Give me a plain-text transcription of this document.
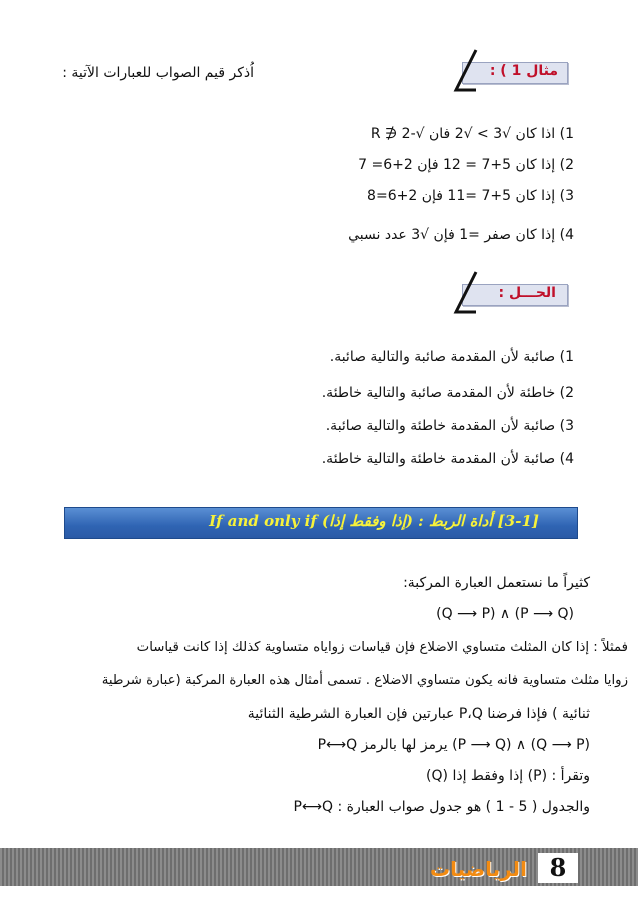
مثال 1 ) :
اُذكر قيم الصواب للعبارات الآتية :
1) اذا كان √3 > √2 فان √-2 ∉ R
2) إذا كان 5+7 = 12 فإن 2+6= 7
3) إذا كان 5+7 =11 فإن 2+6=8
4) إذا كان صفر =1 فإن √3 عدد نسبي
الحـــل :
1) صائبة لأن المقدمة صائبة والتالية صائبة.
2) خاطئة لأن المقدمة صائبة والتالية خاطئة.
3) صائبة لأن المقدمة خاطئة والتالية صائبة.
4) صائبة لأن المقدمة خاطئة والتالية خاطئة.
[3-1] أداة الربط : (إذا وفقط إذا) If and only if
كثيراً ما نستعمل العبارة المركبة:
(Q ⟶ P) ∧ (P ⟶ Q)
فمثلاً : إذا كان المثلث متساوي الاضلاع فإن قياسات زواياه متساوية كذلك إذا كانت قياسات
زوايا مثلث متساوية فانه يكون متساوي الاضلاع . تسمى أمثال هذه العبارة المركبة (عبارة شرطية
ثنائية ) فإذا فرضنا P،Q عبارتين فإن العبارة الشرطية الثنائية
(Q ⟶ P) ∧ (P ⟶ Q) يرمز لها بالرمز P⟷Q
وتقرأ : (P) إذا وفقط إذا (Q)
والجدول ( 5 - 1 ) هو جدول صواب العبارة : P⟷Q
الرياضيات 8
